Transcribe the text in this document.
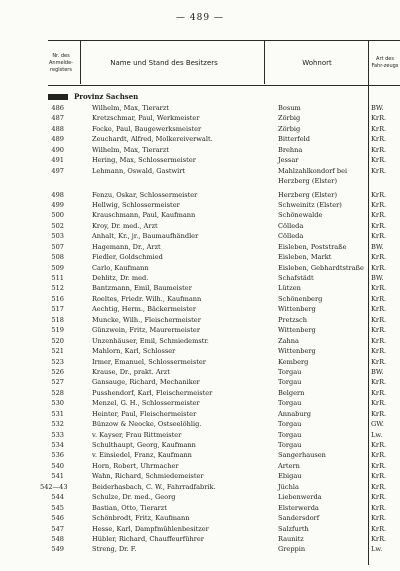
— 489 —
Nr. des Anmelde-reglsters
Name und Stand des Besitzers	Wohnort	Art des Fahr-zeugs
Provinz Sachsen
486	Wilhelm, Max, Tierarzt	Bosum	BW.
487	Kretzschmar, Paul, Werkmeister	Zörbig	KrR.
488	Focke, Paul, Baugewerksmeister	Zörbig	KrR.
489	Zeuchardt, Alfred, Molkereiverwalt.	Bitterfeld	KrR.
490	Wilhelm, Max, Tierarzt	Brehna	KrR.
491	Hering, Max, Schlossermeister	Jessar	KrR.
497	Lehmann, Oswald, Gastwirt	Mahlzahlkondorf bei	KrR.
Herzberg (Elster)
498	Fenzu, Oskar, Schlossermeister	Herzberg (Elster)	KrR.
499	Hellwig, Schlossermeister	Schweinitz (Elster)	KrR.
500	Krauschmann, Paul, Kaufmann	Schönewalde	KrR.
502	Kroy, Dr. med., Arzt	Cölleda	KrR.
503	Anhalt, Kr., jr., Baumaufhändler	Cölleda	KrR.
507	Hagemann, Dr., Arzt	Eisleben, Poststraße	BW.
508	Fiedler, Goldschmied	Eisleben, Markt	KrR.
509	Carlo, Kaufmann	Eisleben, Gebhardtstraße KrR.
511	Dehlitz, Dr. med.	Schafstädt	BW.
512	Bantzmann, Emil, Baumeister	Lützen	KrR.
516	Roeltes, Friedr. Wilh., Kaufmann	Schönenberg	KrR.
517	Aechtig, Herm., Bäckermeister	Wittenberg	KrR.
518	Muncke, Wilh., Fleischermeister	Pretzsch	KrR.
519	Günzwein, Fritz, Maurermeister	Wittenberg	KrR.
520	Unzenhäuser, Emil, Schmiedemstr.	Zahna	KrR.
521	Mahlorn, Karl, Schlosser	Wittenberg	KrR.
523	Irmer, Emanuel, Schlossermeister	Kemberg	KrR.
526	Krause, Dr., prakt. Arzt	Torgau	BW.
527	Gansauge, Richard, Mechaniker	Torgau	KrR.
528	Pusshendorf, Karl, Fleischermeister	Belgern	KrR.
530	Menzel, G. H., Schlossermeister	Torgau	KrR.
531	Heinter, Paul, Fleischermeister	Annaburg	KrR.
532	Bünzow & Neocke, Ostseelöhlig.	Torgau	GW.
533	v. Kayser, Frau Rittmeister	Torgau	Lw.
534	Schulthaupt, Georg, Kaufmann	Torgau	KrR.
536	v. Einsiedel, Franz, Kaufmann	Sangerhausen	KrR.
540	Horn, Robert, Uhrmacher	Artern	KrR.
541	Wahn, Richard, Schmiedemeister	Ebigau	KrR.
542—43	Beiderhasbach, C. W., Fahrradfabrik.	Jüchla	KrR.
544	Schulze, Dr. med., Georg	Liebenwerda	KrR.
545	Bastian, Otto, Tierarzt	Elsterwerda	KrR.
546	Schönbrodt, Fritz, Kaufmann	Sandersdorf	KrR.
547	Hesse, Karl, Dampfmühlenbesitzer	Salzfurth	KrR.
548	Hübler, Richard, Chauffeurführer	Raunitz	KrR.
549	Streng, Dr. F.	Greppin	Lw.
